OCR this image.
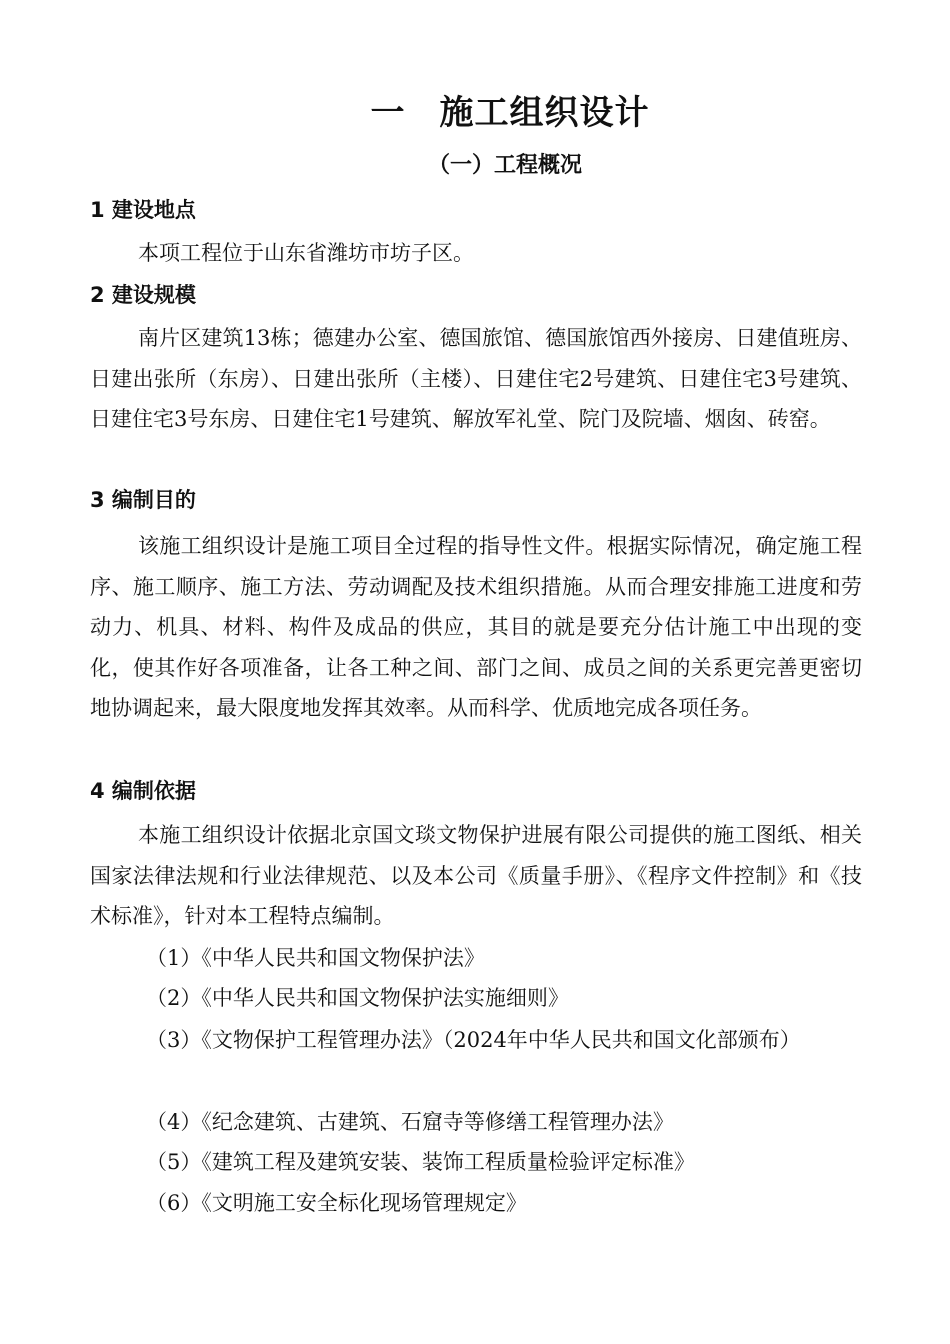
一 施工组织设计
（一）工程概况
1 建设地点

本项工程位于山东省潍坊市坊子区。

2 建设规模

南片区建筑13栋；德建办公室、德国旅馆、德国旅馆西外接房、日建值班房、日建出张所（东房）、日建出张所（主楼）、日建住宅2号建筑、日建住宅3号建筑、日建住宅3号东房、日建住宅1号建筑、解放军礼堂、院门及院墙、烟囱、砖窑。

3 编制目的

该施工组织设计是施工项目全过程的指导性文件。根据实际情况，确定施工程序、施工顺序、施工方法、劳动调配及技术组织措施。从而合理安排施工进度和劳动力、机具、材料、构件及成品的供应，其目的就是要充分估计施工中出现的变化，使其作好各项准备，让各工种之间、部门之间、成员之间的关系更完善更密切地协调起来，最大限度地发挥其效率。从而科学、优质地完成各项任务。

4 编制依据

本施工组织设计依据北京国文琰文物保护进展有限公司提供的施工图纸、相关国家法律法规和行业法律规范、以及本公司《质量手册》、《程序文件控制》和《技术标准》，针对本工程特点编制。

（1）《中华人民共和国文物保护法》

（2）《中华人民共和国文物保护法实施细则》

（3）《文物保护工程管理办法》（2024年中华人民共和国文化部颁布）

（4）《纪念建筑、古建筑、石窟寺等修缮工程管理办法》

（5）《建筑工程及建筑安装、装饰工程质量检验评定标准》

（6）《文明施工安全标化现场管理规定》
